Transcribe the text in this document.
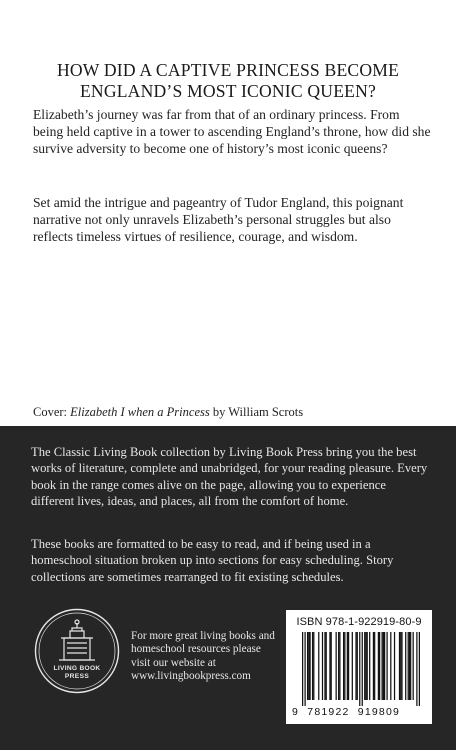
HOW DID A CAPTIVE PRINCESS BECOME ENGLAND’S MOST ICONIC QUEEN?
Elizabeth’s journey was far from that of an ordinary princess. From being held captive in a tower to ascending England’s throne, how did she survive adversity to become one of history’s most iconic queens?
Set amid the intrigue and pageantry of Tudor England, this poignant narrative not only unravels Elizabeth’s personal struggles but also reflects timeless virtues of resilience, courage, and wisdom.
Cover: Elizabeth I when a Princess by William Scrots
The Classic Living Book collection by Living Book Press bring you the best works of literature, complete and unabridged, for your reading pleasure. Every book in the range comes alive on the page, allowing you to experience different lives, ideas, and places, all from the comfort of home.
These books are formatted to be easy to read, and if being used in a homeschool situation broken up into sections for easy scheduling. Story collections are sometimes rearranged to fit existing schedules.
LIVING BOOK
PRESS
For more great living books and homeschool resources please visit our website at www.livingbookpress.com
ISBN 978-1-922919-80-9
9 781922 919809
